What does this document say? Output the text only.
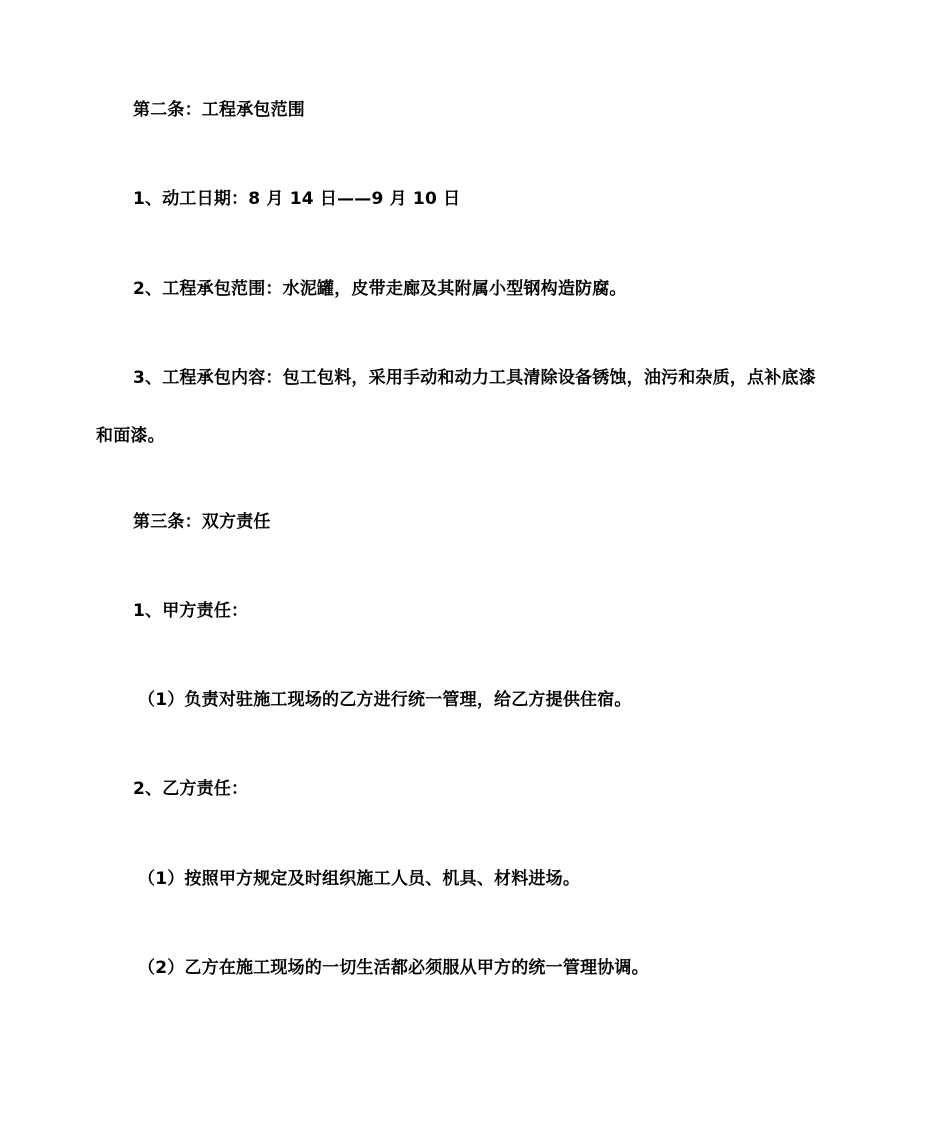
第二条：工程承包范围
1、动工日期：8 月 14 日——9 月 10 日
2、工程承包范围：水泥罐，皮带走廊及其附属小型钢构造防腐。
3、工程承包内容：包工包料，采用手动和动力工具清除设备锈蚀，油污和杂质，点补底漆
和面漆。
第三条：双方责任
1、甲方责任：
（1）负责对驻施工现场的乙方进行统一管理，给乙方提供住宿。
2、乙方责任：
（1）按照甲方规定及时组织施工人员、机具、材料进场。
（2）乙方在施工现场的一切生活都必须服从甲方的统一管理协调。
